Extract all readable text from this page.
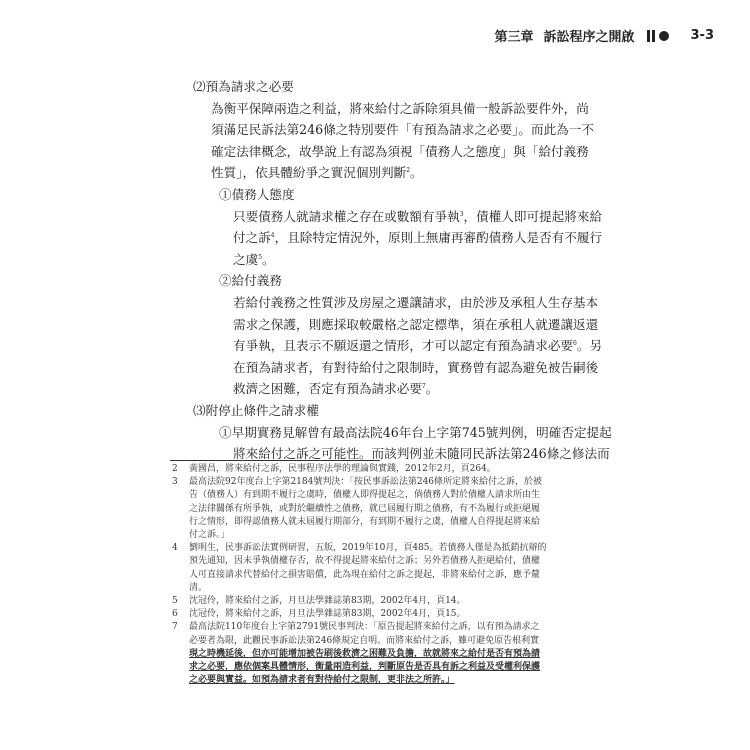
第三章 訴訟程序之開啟	3-3
⑵預為請求之必要
為衡平保障兩造之利益，將來給付之訴除須具備一般訴訟要件外，尚
須滿足民訴法第246條之特別要件「有預為請求之必要」。而此為一不
確定法律概念，故學說上有認為須視「債務人之態度」與「給付義務
性質」，依具體紛爭之實況個別判斷$^2$。
①債務人態度
只要債務人就請求權之存在或數額有爭執$^3$，債權人即可提起將來給
付之訴$^4$，且除特定情況外，原則上無庸再審酌債務人是否有不履行
之虞$^5$。
②給付義務
若給付義務之性質涉及房屋之遷讓請求，由於涉及承租人生存基本
需求之保護，則應採取較嚴格之認定標準，須在承租人就遷讓返還
有爭執，且表示不願返還之情形，才可以認定有預為請求必要$^6$。另
在預為請求者，有對待給付之限制時，實務曾有認為避免被告嗣後
救濟之困難，否定有預為請求必要$^7$。
⑶附停止條件之請求權
①早期實務見解曾有最高法院46年台上字第745號判例，明確否定提起
將來給付之訴之可能性。而該判例並未隨同民訴法第246條之修法而
2	黃國昌，將來給付之訴，民事程序法學的理論與實踐，2012年2月，頁264。
3	最高法院92年度台上字第2184號判決：「按民事訴訟法第246條所定將來給付之訴，於被
告（債務人）有到期不履行之虞時，債權人即得提起之，倘債務人對於債權人請求所由生
之法律關係有所爭執，或對於繼續性之債務，就已屆履行期之債務，有不為履行或拒絕履
行之情形，即得認債務人就未屆履行期部分，有到期不履行之虞，債權人自得提起將來給
付之訴。」
4	劉明生，民事訴訟法實例研習，五版，2019年10月，頁485。若債務人僅是為抵銷抗辯的
預先通知，因未爭執債權存否，故不得提起將來給付之訴；另外若債務人拒絕給付，債權
人可直接請求代替給付之損害賠償，此為現在給付之訴之提起，非將來給付之訴，應予釐
清。
5	沈冠伶，將來給付之訴，月旦法學雜誌第83期，2002年4月，頁14。
6	沈冠伶，將來給付之訴，月旦法學雜誌第83期，2002年4月，頁15。
7	最高法院110年度台上字第2791號民事判決：「原告提起將來給付之訴，以有預為請求之
必要者為限，此觀民事訴訟法第246條規定自明。而將來給付之訴，雖可避免原告根利實
現之時機延後，但亦可能增加被告刷後救濟之困難及負擔，故就將來之給付是否有預為請
求之必要，應依個案具體情形，衡量兩造利益，判斷原告是否具有訴之利益及受權利保護
之必要與實益。如預為請求者有對待給付之限制，更非法之所許。」
